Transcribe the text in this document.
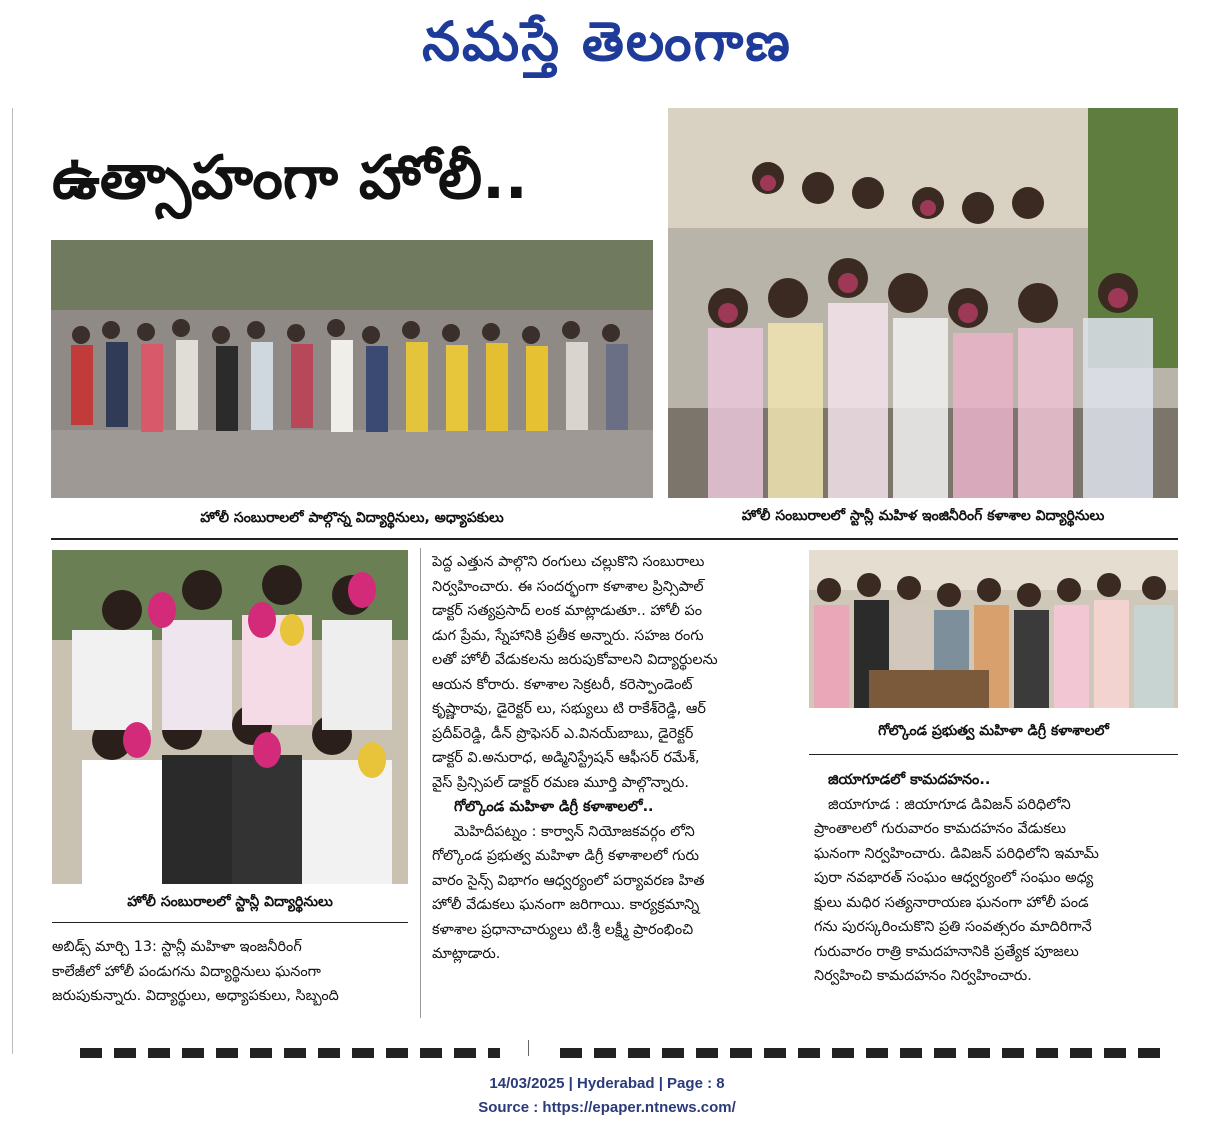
నమస్తే తెలంగాణ
ఉత్సాహంగా హోలీ..
హోలీ సంబురాలలో పాల్గొన్న విద్యార్థినులు, అధ్యాపకులు	హోలీ సంబురాలలో స్టాన్లీ మహిళ ఇంజినీరింగ్ కళాశాల విద్యార్థినులు
హోలీ సంబురాలలో స్టాన్లీ విద్యార్థినులు
గోల్కొండ ప్రభుత్వ మహిళా డిగ్రీ కళాశాలలో

అబిడ్స్ మార్చి 13: స్టాన్లీ మహిళా ఇంజనీరింగ్

కాలేజీలో హోలీ పండుగను విద్యార్థినులు ఘనంగా

జరుపుకున్నారు. విద్యార్థులు, అధ్యాపకులు, సిబ్బంది

పెద్ద ఎత్తున పాల్గొని రంగులు చల్లుకొని సంబురాలు

నిర్వహించారు. ఈ సందర్భంగా కళాశాల ప్రిన్సిపాల్

డాక్టర్ సత్యప్రసాద్ లంక మాట్లాడుతూ.. హోలీ పం

డుగ ప్రేమ, స్నేహానికి ప్రతీక అన్నారు. సహజ రంగు

లతో హోలీ వేడుకలను జరుపుకోవాలని విద్యార్థులను

ఆయన కోరారు. కళాశాల సెక్రటరీ, కరెస్పాండెంట్

కృష్ణారావు, డైరెక్టర్ లు, సభ్యులు టి రాకేశ్‌రెడ్డి, ఆర్

ప్రదీప్‌రెడ్డి, డీన్ ప్రొఫెసర్ ఎ.వినయ్‌బాబు, డైరెక్టర్

డాక్టర్ వి.అనురాధ, అడ్మినిస్ట్రేషన్ ఆఫీసర్ రమేశ్,

వైస్ ప్రిన్సిపల్ డాక్టర్ రమణ మూర్తి పాల్గొన్నారు.

గోల్కొండ మహిళా డిగ్రీ కళాశాలలో..

మెహిదీపట్నం : కార్వాన్ నియోజకవర్గం లోని

గోల్కొండ ప్రభుత్వ మహిళా డిగ్రీ కళాశాలలో గురు

వారం సైన్స్ విభాగం ఆధ్వర్యంలో పర్యావరణ హిత

హోలీ వేడుకలు ఘనంగా జరిగాయి. కార్యక్రమాన్ని

కళాశాల ప్రధానాచార్యులు టి.శ్రీ లక్ష్మీ ప్రారంభించి

మాట్లాడారు.

జియాగూడలో కామదహనం..

జియాగూడ : జియాగూడ డివిజన్ పరిధిలోని

ప్రాంతాలలో గురువారం కామదహనం వేడుకలు

ఘనంగా నిర్వహించారు. డివిజన్ పరిధిలోని ఇమామ్

పురా నవభారత్ సంఘం ఆధ్వర్యంలో సంఘం అధ్య

క్షులు మధిర సత్యనారాయణ ఘనంగా హోలీ పండ

గను పురస్కరించుకొని ప్రతి సంవత్సరం మాదిరిగానే

గురువారం రాత్రి కామదహనానికి ప్రత్యేక పూజలు

నిర్వహించి కామదహనం నిర్వహించారు.

14/03/2025 | Hyderabad | Page : 8
Source : https://epaper.ntnews.com/
